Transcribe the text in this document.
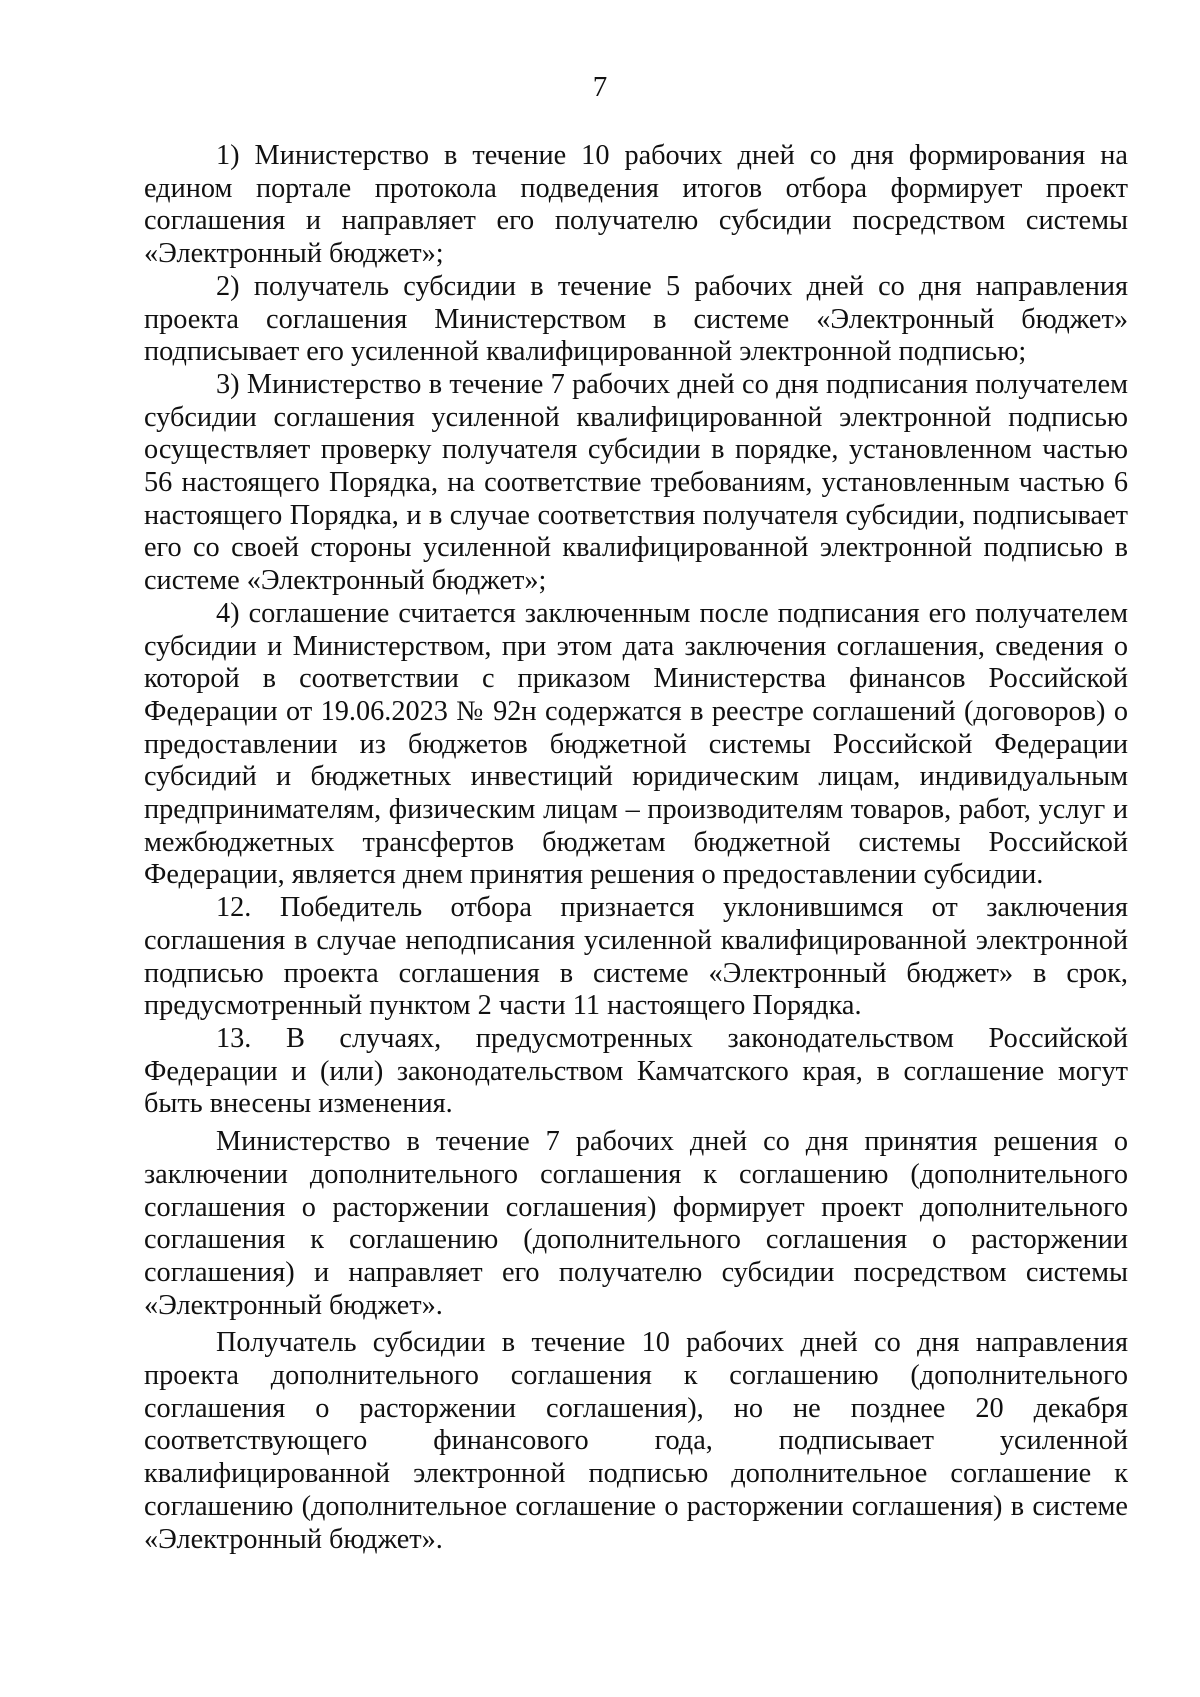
7

1) Министерство в течение 10 рабочих дней со дня формирования на едином портале протокола подведения итогов отбора формирует проект соглашения и направляет его получателю субсидии посредством системы «Электронный бюджет»;

2) получатель субсидии в течение 5 рабочих дней со дня направления проекта соглашения Министерством в системе «Электронный бюджет» подписывает его усиленной квалифицированной электронной подписью;

3) Министерство в течение 7 рабочих дней со дня подписания получателем субсидии соглашения усиленной квалифицированной электронной подписью осуществляет проверку получателя субсидии в порядке, установленном частью 56 настоящего Порядка, на соответствие требованиям, установленным частью 6 настоящего Порядка, и в случае соответствия получателя субсидии, подписывает его со своей стороны усиленной квалифицированной электронной подписью в системе «Электронный бюджет»;

4) соглашение считается заключенным после подписания его получателем субсидии и Министерством, при этом дата заключения соглашения, сведения о которой в соответствии с приказом Министерства финансов Российской Федерации от 19.06.2023 № 92н содержатся в реестре соглашений (договоров) о предоставлении из бюджетов бюджетной системы Российской Федерации субсидий и бюджетных инвестиций юридическим лицам, индивидуальным предпринимателям, физическим лицам – производителям товаров, работ, услуг и межбюджетных трансфертов бюджетам бюджетной системы Российской Федерации, является днем принятия решения о предоставлении субсидии.

12. Победитель отбора признается уклонившимся от заключения соглашения в случае неподписания усиленной квалифицированной электронной подписью проекта соглашения в системе «Электронный бюджет» в срок, предусмотренный пунктом 2 части 11 настоящего Порядка.

13. В случаях, предусмотренных законодательством Российской Федерации и (или) законодательством Камчатского края, в соглашение могут быть внесены изменения.

Министерство в течение 7 рабочих дней со дня принятия решения о заключении дополнительного соглашения к соглашению (дополнительного соглашения о расторжении соглашения) формирует проект дополнительного соглашения к соглашению (дополнительного соглашения о расторжении соглашения) и направляет его получателю субсидии посредством системы «Электронный бюджет».

Получатель субсидии в течение 10 рабочих дней со дня направления проекта дополнительного соглашения к соглашению (дополнительного соглашения о расторжении соглашения), но не позднее 20 декабря соответствующего финансового года, подписывает усиленной квалифицированной электронной подписью дополнительное соглашение к соглашению (дополнительное соглашение о расторжении соглашения) в системе «Электронный бюджет».
